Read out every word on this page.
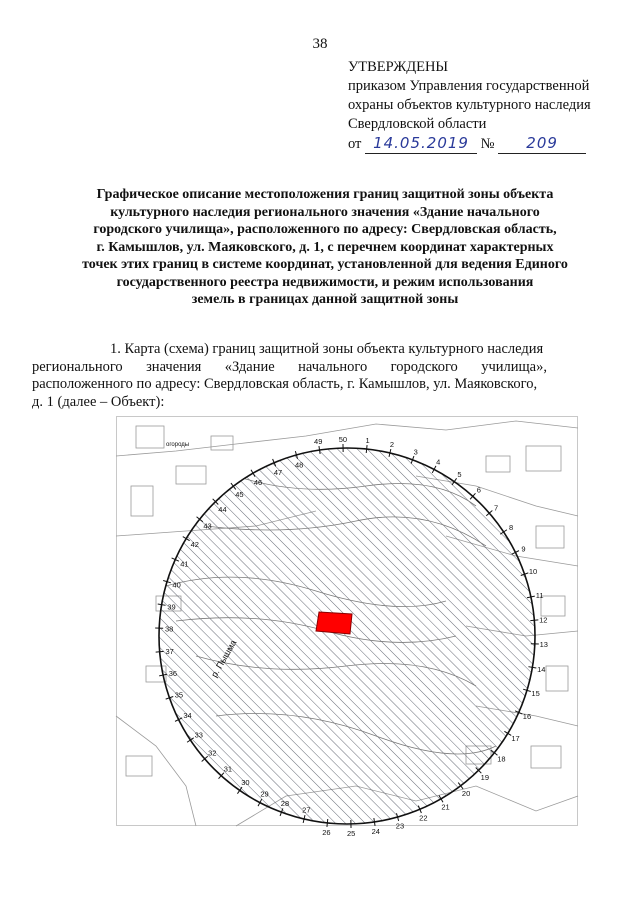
38
УТВЕРЖДЕНЫ
приказом Управления государственной
охраны объектов культурного наследия
Свердловской области
от 14.05.2019 № 209
Графическое описание местоположения границ защитной зоны объекта
культурного наследия регионального значения «Здание начального
городского училища», расположенного по адресу: Свердловская область,
г. Камышлов, ул. Маяковского, д. 1, с перечнем координат характерных
точек этих границ в системе координат, установленной для ведения Единого
государственного реестра недвижимости, и режим использования
земель в границах данной защитной зоны
1. Карта (схема) границ защитной зоны объекта культурного наследия
регионального значения «Здание начального городского училища»,
расположенного по адресу: Свердловская область, г. Камышлов, ул. Маяковского,
д. 1 (далее – Объект):
р. Пышма
огороды	1	2
3
4
5
6
7
8
9
10
11
12
13
14
15
16
17
18
19
20
21
22
23
24
25
26
27
28
29
30
31
32
33
34
35
36
37
38
39
40
41
42
43
44
45
46
47
48
49 50
